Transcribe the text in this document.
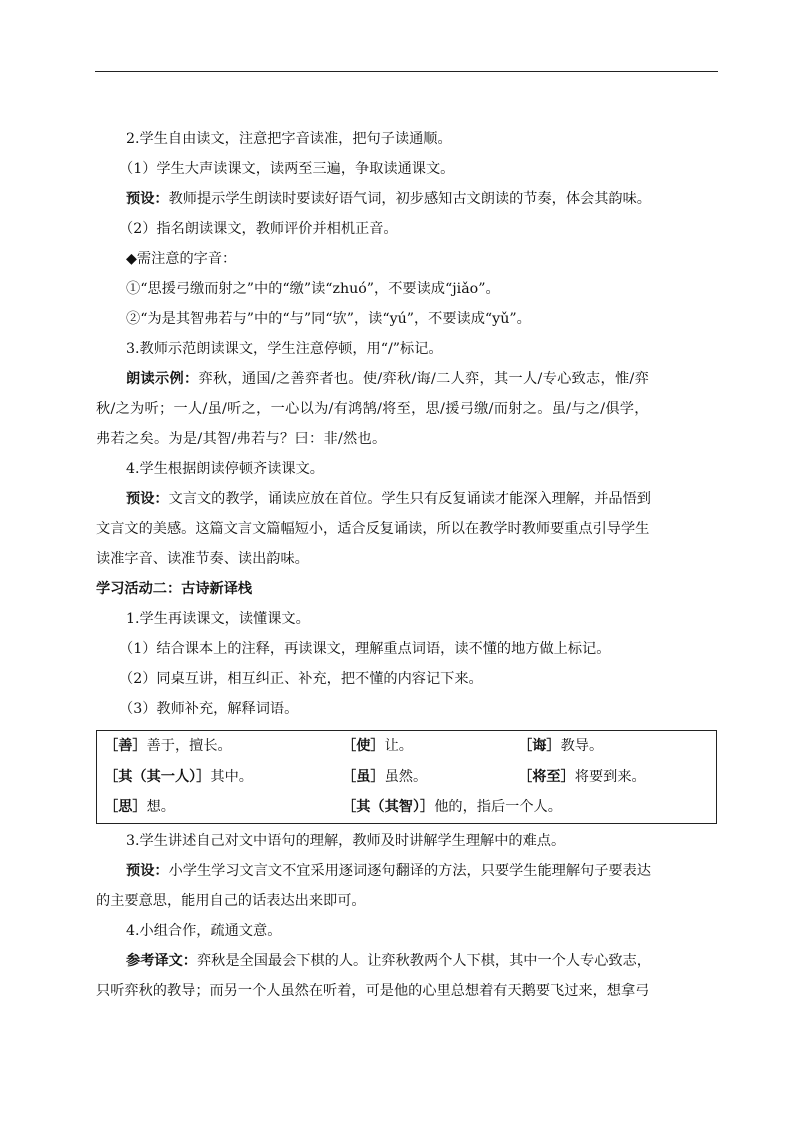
2.学生自由读文，注意把字音读准，把句子读通顺。
（1）学生大声读课文，读两至三遍，争取读通课文。
预设：教师提示学生朗读时要读好语气词，初步感知古文朗读的节奏，体会其韵味。
（2）指名朗读课文，教师评价并相机正音。
◆需注意的字音：
①“思援弓缴而射之”中的“缴”读“zhuó”，不要读成“jiǎo”。
②“为是其智弗若与”中的“与”同“欤”，读“yú”，不要读成“yǔ”。
3.教师示范朗读课文，学生注意停顿，用“/”标记。
朗读示例：弈秋，通国/之善弈者也。使/弈秋/诲/二人弈，其一人/专心致志，惟/弈
秋/之为听；一人/虽/听之，一心以为/有鸿鹄/将至，思/援弓缴/而射之。虽/与之/俱学，
弗若之矣。为是/其智/弗若与？曰：非/然也。
4.学生根据朗读停顿齐读课文。
预设：文言文的教学，诵读应放在首位。学生只有反复诵读才能深入理解，并品悟到
文言文的美感。这篇文言文篇幅短小，适合反复诵读，所以在教学时教师要重点引导学生
读准字音、读准节奏、读出韵味。
学习活动二：古诗新译栈
1.学生再读课文，读懂课文。
（1）结合课本上的注释，再读课文，理解重点词语，读不懂的地方做上标记。
（2）同桌互讲，相互纠正、补充，把不懂的内容记下来。
（3）教师补充，解释词语。
［善］善于，擅长。	［使］让。	［诲］教导。
［其（其一人）］其中。	［虽］虽然。	［将至］将要到来。
［思］想。	［其（其智）］他的，指后一个人。
3.学生讲述自己对文中语句的理解，教师及时讲解学生理解中的难点。
预设：小学生学习文言文不宜采用逐词逐句翻译的方法，只要学生能理解句子要表达
的主要意思，能用自己的话表达出来即可。
4.小组合作，疏通文意。
参考译文：弈秋是全国最会下棋的人。让弈秋教两个人下棋，其中一个人专心致志，
只听弈秋的教导；而另一个人虽然在听着，可是他的心里总想着有天鹅要飞过来，想拿弓
